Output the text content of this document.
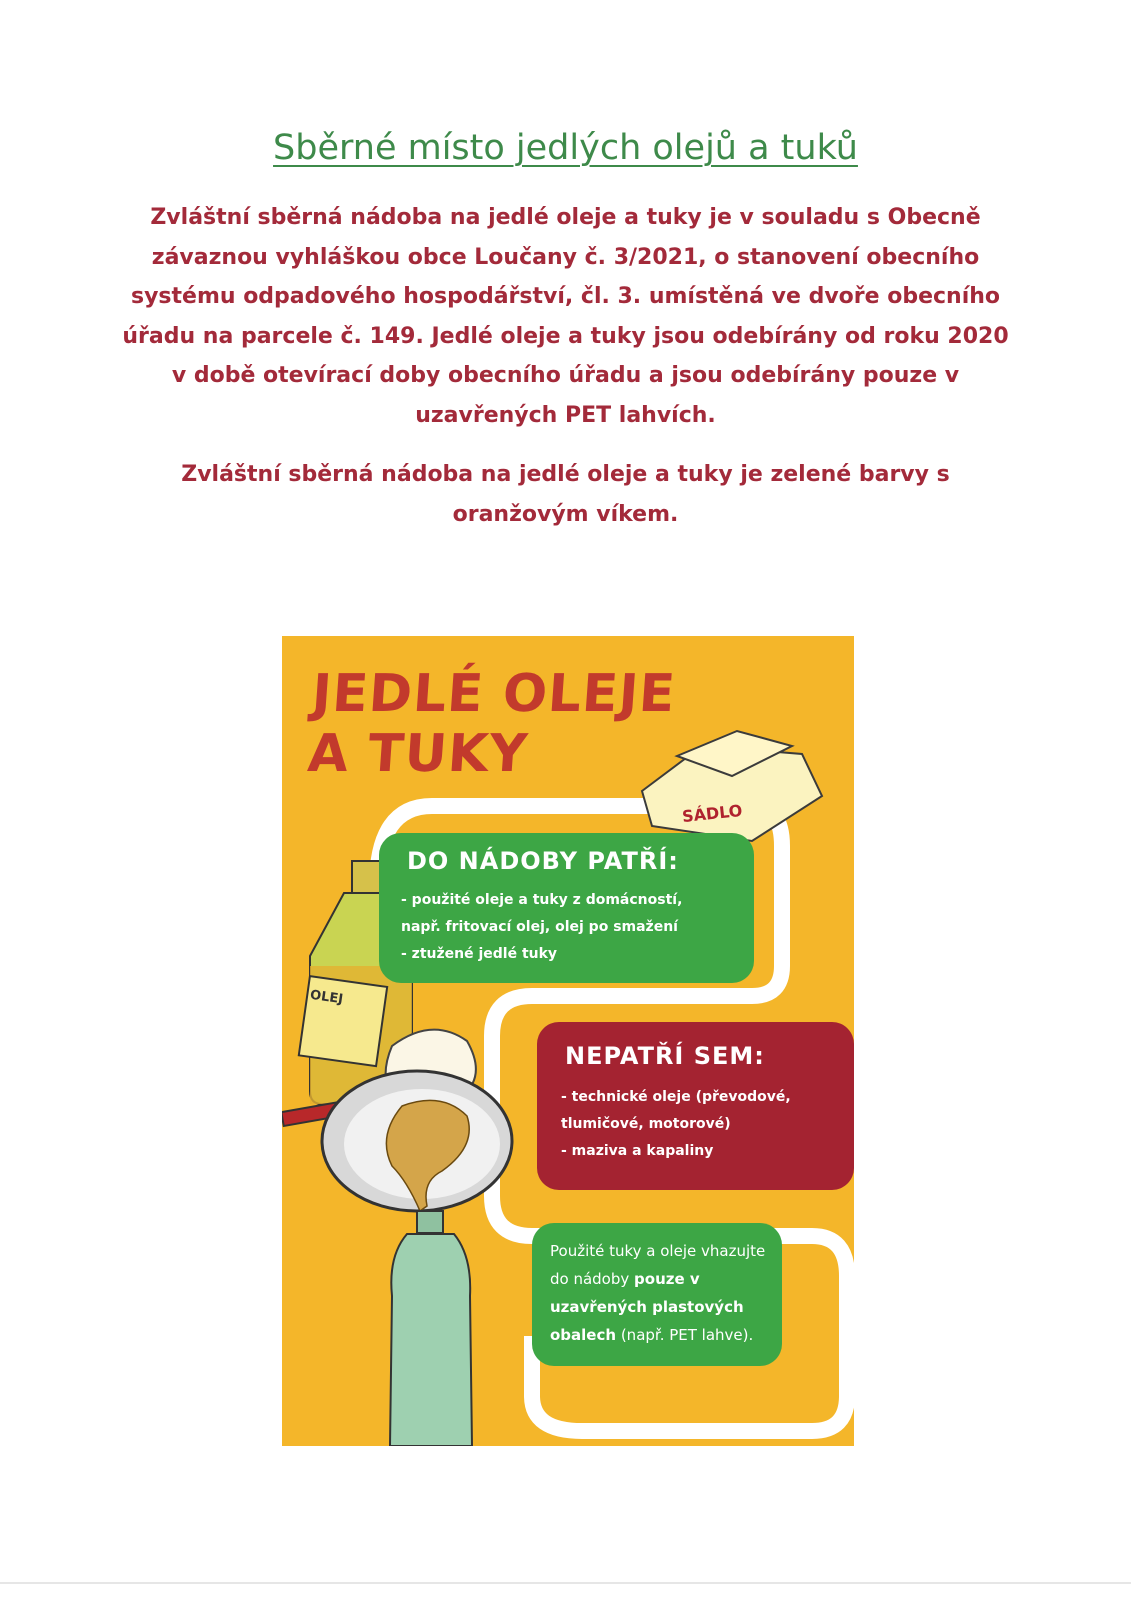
Sběrné místo jedlých olejů a tuků
Zvláštní sběrná nádoba na jedlé oleje a tuky je v souladu s Obecně závaznou vyhláškou obce Loučany č. 3/2021, o stanovení obecního systému odpadového hospodářství, čl. 3. umístěná ve dvoře obecního úřadu na parcele č. 149. Jedlé oleje a tuky jsou odebírány od roku 2020 v době otevírací doby obecního úřadu a jsou odebírány pouze v uzavřených PET lahvích.
Zvláštní sběrná nádoba na jedlé oleje a tuky je zelené barvy s oranžovým víkem.
JEDLÉ OLEJE
A TUKY
SÁDLO
OLEJ
DO NÁDOBY PATŘÍ:
- použité oleje a tuky z domácností,
např. fritovací olej, olej po smažení
- ztužené jedlé tuky
NEPATŘÍ SEM:
- technické oleje (převodové,
tlumičové, motorové)
- maziva a kapaliny

Použité tuky a oleje vhazujte do nádoby pouze v uzavřených plastových obalech (např. PET lahve).
